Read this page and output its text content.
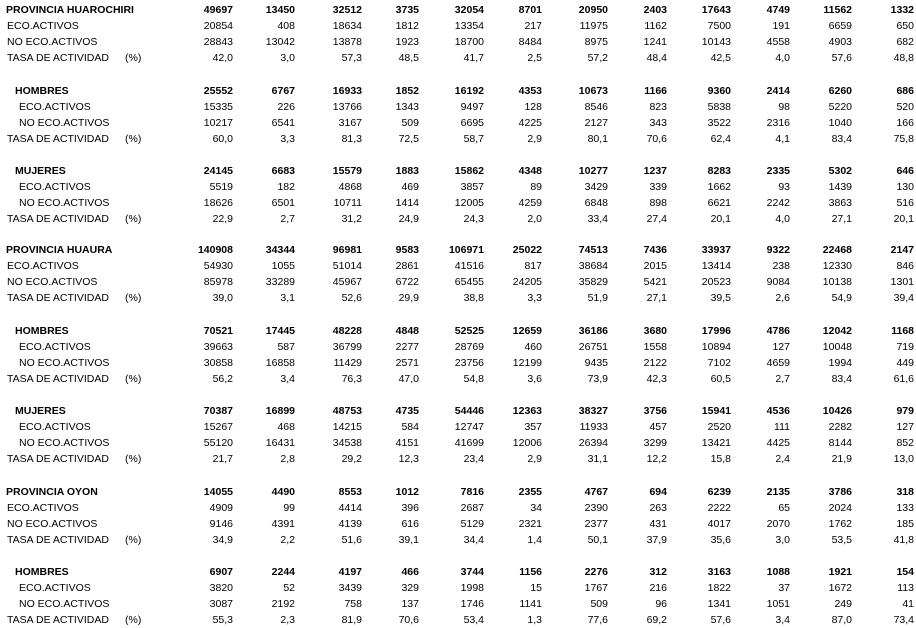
PROVINCIA HUAROCHIRI	49697	13450	32512	3735	32054	8701	20950	2403	17643	4749	11562	1332
ECO.ACTIVOS	20854	408	18634	1812	13354	217	11975	1162	7500	191	6659	650
NO ECO.ACTIVOS	28843	13042	13878	1923	18700	8484	8975	1241	10143	4558	4903	682
TASA DE ACTIVIDAD (%)	42,0	3,0	57,3	48,5	41,7	2,5	57,2	48,4	42,5	4,0	57,6	48,8
HOMBRES	25552	6767	16933	1852	16192	4353	10673	1166	9360	2414	6260	686
ECO.ACTIVOS	15335	226	13766	1343	9497	128	8546	823	5838	98	5220	520
NO ECO.ACTIVOS	10217	6541	3167	509	6695	4225	2127	343	3522	2316	1040	166
TASA DE ACTIVIDAD (%)	60,0	3,3	81,3	72,5	58,7	2,9	80,1	70,6	62,4	4,1	83,4	75,8
MUJERES	24145	6683	15579	1883	15862	4348	10277	1237	8283	2335	5302	646
ECO.ACTIVOS	5519	182	4868	469	3857	89	3429	339	1662	93	1439	130
NO ECO.ACTIVOS	18626	6501	10711	1414	12005	4259	6848	898	6621	2242	3863	516
TASA DE ACTIVIDAD (%)	22,9	2,7	31,2	24,9	24,3	2,0	33,4	27,4	20,1	4,0	27,1	20,1
PROVINCIA HUAURA	140908	34344	96981	9583	106971	25022	74513	7436	33937	9322	22468	2147
ECO.ACTIVOS	54930	1055	51014	2861	41516	817	38684	2015	13414	238	12330	846
NO ECO.ACTIVOS	85978	33289	45967	6722	65455	24205	35829	5421	20523	9084	10138	1301
TASA DE ACTIVIDAD (%)	39,0	3,1	52,6	29,9	38,8	3,3	51,9	27,1	39,5	2,6	54,9	39,4
HOMBRES	70521	17445	48228	4848	52525	12659	36186	3680	17996	4786	12042	1168
ECO.ACTIVOS	39663	587	36799	2277	28769	460	26751	1558	10894	127	10048	719
NO ECO.ACTIVOS	30858	16858	11429	2571	23756	12199	9435	2122	7102	4659	1994	449
TASA DE ACTIVIDAD (%)	56,2	3,4	76,3	47,0	54,8	3,6	73,9	42,3	60,5	2,7	83,4	61,6
MUJERES	70387	16899	48753	4735	54446	12363	38327	3756	15941	4536	10426	979
ECO.ACTIVOS	15267	468	14215	584	12747	357	11933	457	2520	111	2282	127
NO ECO.ACTIVOS	55120	16431	34538	4151	41699	12006	26394	3299	13421	4425	8144	852
TASA DE ACTIVIDAD (%)	21,7	2,8	29,2	12,3	23,4	2,9	31,1	12,2	15,8	2,4	21,9	13,0
PROVINCIA OYON	14055	4490	8553	1012	7816	2355	4767	694	6239	2135	3786	318
ECO.ACTIVOS	4909	99	4414	396	2687	34	2390	263	2222	65	2024	133
NO ECO.ACTIVOS	9146	4391	4139	616	5129	2321	2377	431	4017	2070	1762	185
TASA DE ACTIVIDAD (%)	34,9	2,2	51,6	39,1	34,4	1,4	50,1	37,9	35,6	3,0	53,5	41,8
HOMBRES	6907	2244	4197	466	3744	1156	2276	312	3163	1088	1921	154
ECO.ACTIVOS	3820	52	3439	329	1998	15	1767	216	1822	37	1672	113
NO ECO.ACTIVOS	3087	2192	758	137	1746	1141	509	96	1341	1051	249	41
TASA DE ACTIVIDAD (%)	55,3	2,3	81,9	70,6	53,4	1,3	77,6	69,2	57,6	3,4	87,0	73,4
